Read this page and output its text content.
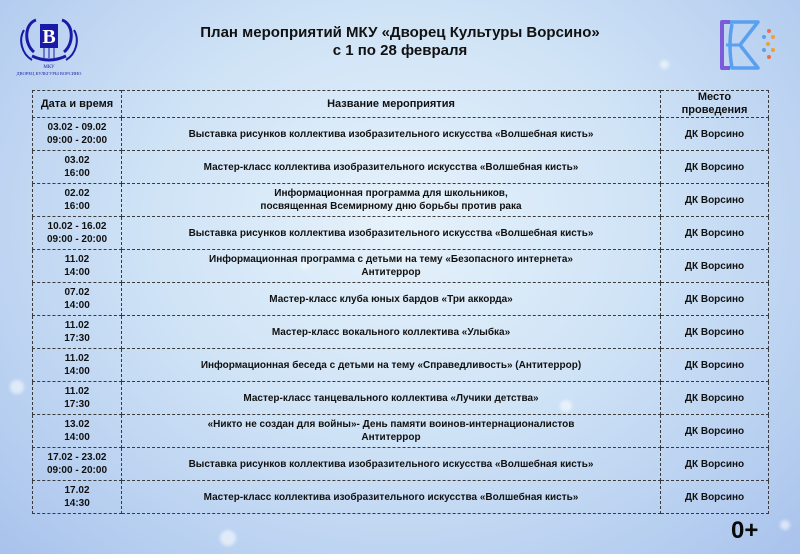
B
МКУ
ДВОРЕЦ КУЛЬТУРЫ ВОРСИНО
План мероприятий МКУ «Дворец Культуры Ворсино»
с 1 по 28 февраля
Дата и время	Название мероприятия	Место проведения

03.02 - 09.02
09:00 - 20:00	Выставка рисунков коллектива изобразительного искусства «Волшебная кисть»	ДК Ворсино

03.02
16:00	Мастер-класс коллектива изобразительного искусства «Волшебная кисть»	ДК Ворсино

02.02
16:00	Информационная программа для школьников,
посвященная Всемирному дню борьбы против рака	ДК Ворсино

10.02 - 16.02
09:00 - 20:00	Выставка рисунков коллектива изобразительного искусства «Волшебная кисть»	ДК Ворсино

11.02
14:00	Информационная программа с детьми на тему «Безопасного интернета»
Антитеррор	ДК Ворсино

07.02
14:00	Мастер-класс клуба юных бардов «Три аккорда»	ДК Ворсино

11.02
17:30	Мастер-класс вокального коллектива «Улыбка»	ДК Ворсино

11.02
14:00	Информационная беседа с детьми на тему «Справедливость» (Антитеррор)	ДК Ворсино

11.02
17:30	Мастер-класс танцевального коллектива «Лучики детства»	ДК Ворсино

13.02
14:00	«Никто не создан для войны»- День памяти воинов-интернационалистов
Антитеррор	ДК Ворсино

17.02 - 23.02
09:00 - 20:00	Выставка рисунков коллектива изобразительного искусства «Волшебная кисть»	ДК Ворсино

17.02
14:30	Мастер-класс коллектива изобразительного искусства «Волшебная кисть»	ДК Ворсино
0+
